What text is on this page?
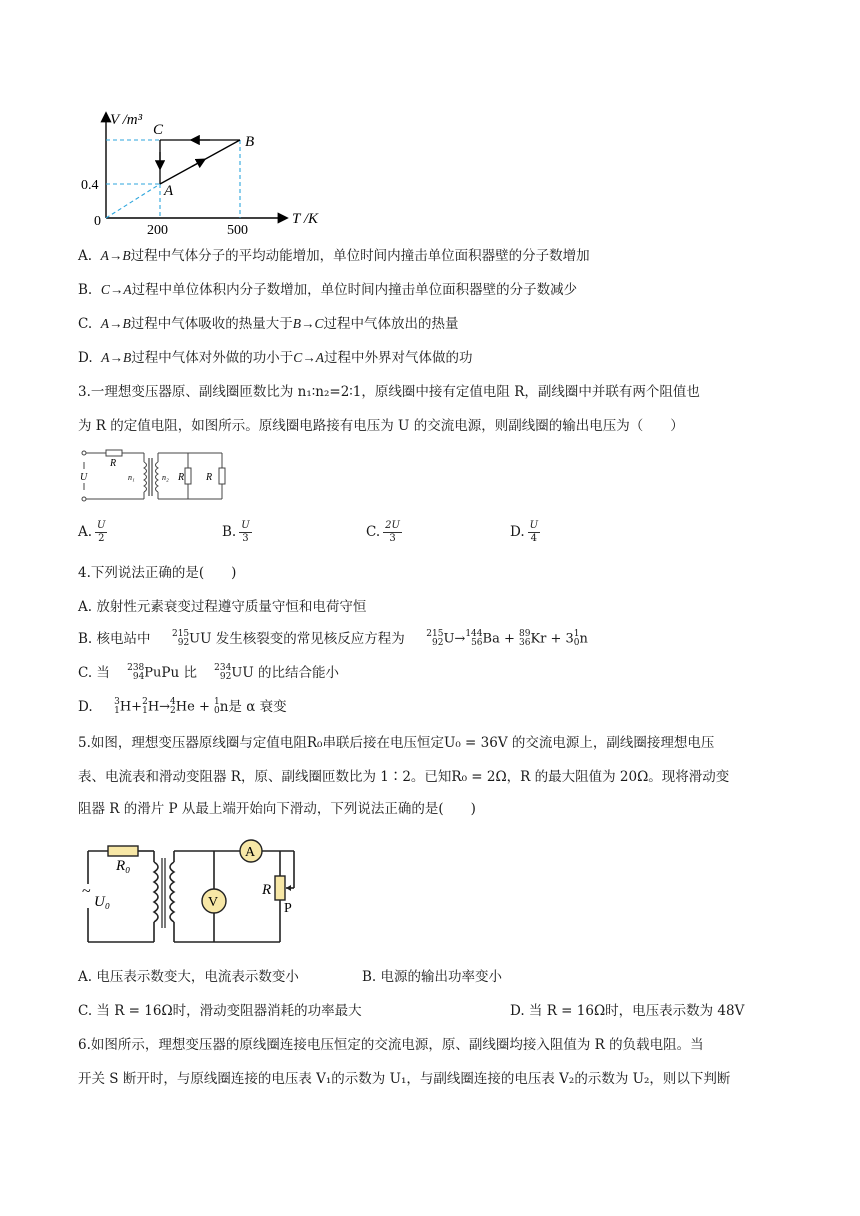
V /m³
T /K
0
0.4
200	500
A
B
C
A. A→B过程中气体分子的平均动能增加，单位时间内撞击单位面积器壁的分子数增加
B. C→A过程中单位体积内分子数增加，单位时间内撞击单位面积器壁的分子数减少
C. A→B过程中气体吸收的热量大于B→C过程中气体放出的热量
D. A→B过程中气体对外做的功小于C→A过程中外界对气体做的功
3.一理想变压器原、副线圈匝数比为 n₁∶n₂=2∶1，原线圈中接有定值电阻 R，副线圈中并联有两个阻值也
为 R 的定值电阻，如图所示。原线圈电路接有电压为 U 的交流电源，则副线圈的输出电压为（　　）
R
U	n₁	n₂ R R
A. $\frac{U}{2}$	B. $\frac{U}{3}$	C. $\frac{2U}{3}$	D. $\frac{U}{4}$
4.下列说法正确的是(　　)
A. 放射性元素衰变过程遵守质量守恒和电荷守恒
B. 核电站中 215
92 UU 发生核裂变的常见核反应方程为 215
92 U→ 144
56 Ba + 89
36 Kr + 3 1
0 n
C. 当 238
94 PuPu 比 234
92 UU 的比结合能小
D. 3
1 H+ 2
1 H→ 4
2 He + 1
0 n是 α 衰变
5.如图，理想变压器原线圈与定值电阻R₀串联后接在电压恒定U₀ = 36V 的交流电源上，副线圈接理想电压
表、电流表和滑动变阻器 R，原、副线圈匝数比为 1∶2。已知R₀ = 2Ω，R 的最大阻值为 20Ω。现将滑动变
阻器 R 的滑片 P 从最上端开始向下滑动，下列说法正确的是(　　)
R₀
~
U₀
A
V
R
P
A. 电压表示数变大，电流表示数变小	B. 电源的输出功率变小
C. 当 R = 16Ω时，滑动变阻器消耗的功率最大	D. 当 R = 16Ω时，电压表示数为 48V
6.如图所示，理想变压器的原线圈连接电压恒定的交流电源，原、副线圈均接入阻值为 R 的负载电阻。当
开关 S 断开时，与原线圈连接的电压表 V₁的示数为 U₁，与副线圈连接的电压表 V₂的示数为 U₂，则以下判断
